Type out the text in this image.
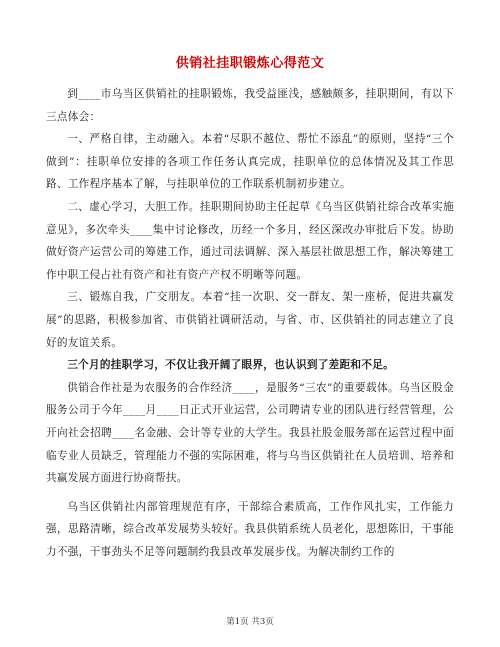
供销社挂职锻炼心得范文

到____市乌当区供销社的挂职锻炼，我受益匪浅，感触颇多，挂职期间，有以下三点体会：

一、严格自律，主动融入。本着“尽职不越位、帮忙不添乱”的原则，坚持“三个做到”：挂职单位安排的各项工作任务认真完成，挂职单位的总体情况及其工作思路、工作程序基本了解，与挂职单位的工作联系机制初步建立。

二、虚心学习，大胆工作。挂职期间协助主任起草《乌当区供销社综合改革实施意见》，多次牵头____集中讨论修改，历经一个多月，经区深改办审批后下发。协助做好资产运营公司的筹建工作，通过司法调解、深入基层社做思想工作，解决筹建工作中职工侵占社有资产和社有资产产权不明晰等问题。

三、锻炼自我，广交朋友。本着“挂一次职、交一群友、架一座桥，促进共赢发展”的思路，积极参加省、市供销社调研活动，与省、市、区供销社的同志建立了良好的友谊关系。

三个月的挂职学习，不仅让我开阔了眼界，也认识到了差距和不足。

供销合作社是为农服务的合作经济____，是服务“三农”的重要载体。乌当区股金服务公司于今年____月____日正式开业运营，公司聘请专业的团队进行经营管理，公开向社会招聘____名金融、会计等专业的大学生。我县社股金服务部在运营过程中面临专业人员缺乏，管理能力不强的实际困难，将与乌当区供销社在人员培训、培养和共赢发展方面进行协商帮扶。

乌当区供销社内部管理规范有序，干部综合素质高，工作作风扎实，工作能力强，思路清晰，综合改革发展势头较好。我县供销系统人员老化，思想陈旧，干事能力不强，干事劲头不足等问题制约我县改革发展步伐。为解决制约工作的

第1页 共3页
